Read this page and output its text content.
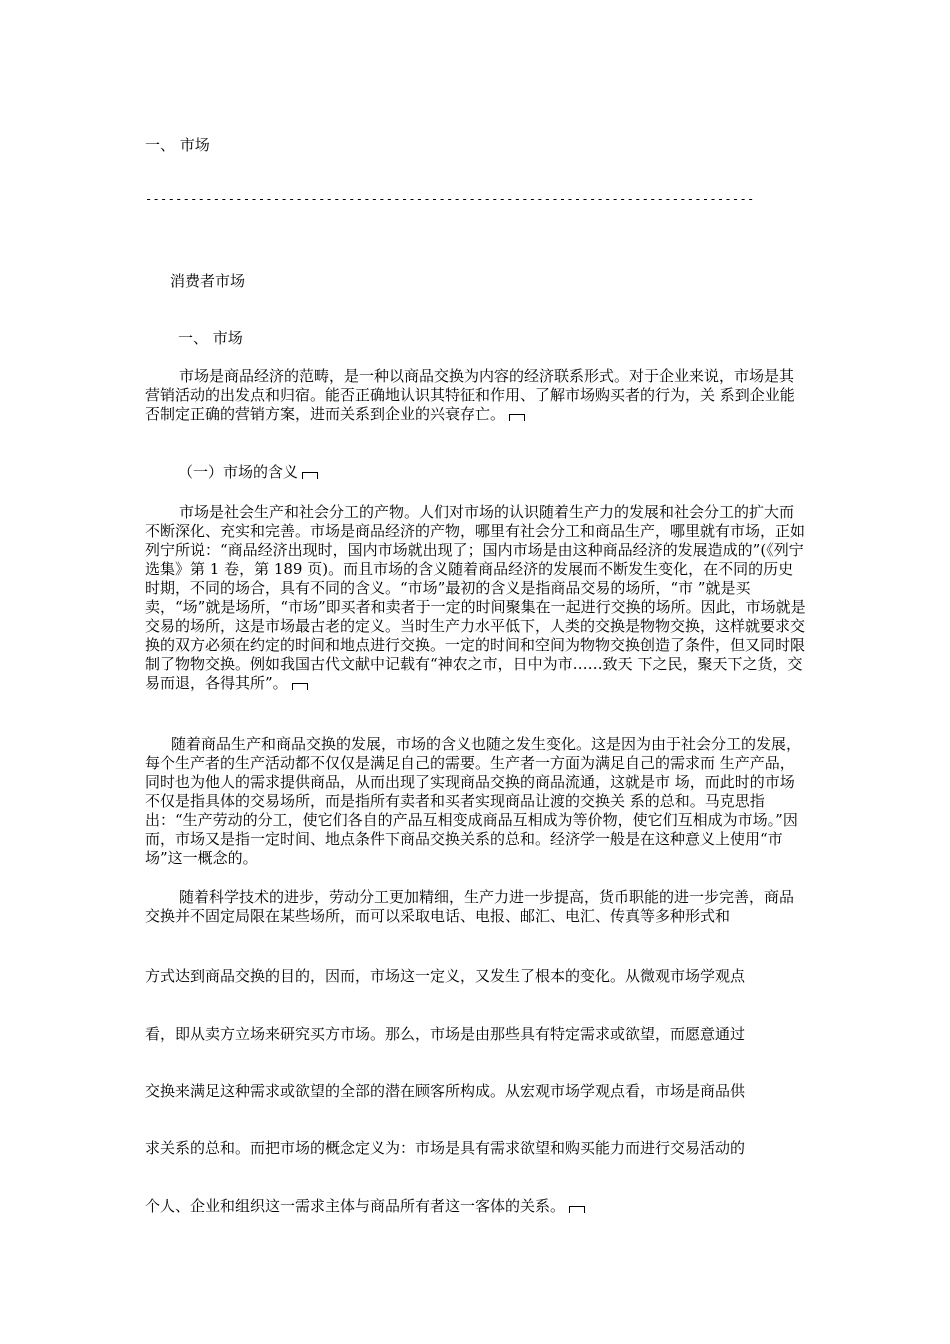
一、 市场

---------------------------------------------------------------------------------

消费者市场

一、 市场

市场是商品经济的范畴，是一种以商品交换为内容的经济联系形式。对于企业来说，市场是其营销活动的出发点和归宿。能否正确地认识其特征和作用、了解市场购买者的行为，关 系到企业能否制定正确的营销方案，进而关系到企业的兴衰存亡。

（一）市场的含义

市场是社会生产和社会分工的产物。人们对市场的认识随着生产力的发展和社会分工的扩大而不断深化、充实和完善。市场是商品经济的产物，哪里有社会分工和商品生产，哪里就有市场，正如列宁所说：“商品经济出现时，国内市场就出现了；国内市场是由这种商品经济的发展造成的”(《列宁选集》第 1 卷，第 189 页)。而且市场的含义随着商品经济的发展而不断发生变化，在不同的历史时期，不同的场合，具有不同的含义。“市场”最初的含义是指商品交易的场所，“市 ”就是买卖，“场”就是场所，“市场”即买者和卖者于一定的时间聚集在一起进行交换的场所。因此，市场就是交易的场所，这是市场最古老的定义。当时生产力水平低下，人类的交换是物物交换，这样就要求交换的双方必须在约定的时间和地点进行交换。一定的时间和空间为物物交换创造了条件，但又同时限制了物物交换。例如我国古代文献中记载有“神农之市，日中为市……致天 下之民，聚天下之货，交易而退，各得其所”。

随着商品生产和商品交换的发展，市场的含义也随之发生变化。这是因为由于社会分工的发展，每个生产者的生产活动都不仅仅是满足自己的需要。生产者一方面为满足自己的需求而 生产产品，同时也为他人的需求提供商品，从而出现了实现商品交换的商品流通，这就是市 场，而此时的市场不仅是指具体的交易场所，而是指所有卖者和买者实现商品让渡的交换关 系的总和。马克思指出：“生产劳动的分工，使它们各自的产品互相变成商品互相成为等价物，使它们互相成为市场。”因而，市场又是指一定时间、地点条件下商品交换关系的总和。经济学一般是在这种意义上使用“市场”这一概念的。

随着科学技术的进步，劳动分工更加精细，生产力进一步提高，货币职能的进一步完善，商品交换并不固定局限在某些场所，而可以采取电话、电报、邮汇、电汇、传真等多种形式和

方式达到商品交换的目的，因而，市场这一定义，又发生了根本的变化。从微观市场学观点

看，即从卖方立场来研究买方市场。那么，市场是由那些具有特定需求或欲望，而愿意通过

交换来满足这种需求或欲望的全部的潜在顾客所构成。从宏观市场学观点看，市场是商品供

求关系的总和。而把市场的概念定义为：市场是具有需求欲望和购买能力而进行交易活动的

个人、企业和组织这一需求主体与商品所有者这一客体的关系。
